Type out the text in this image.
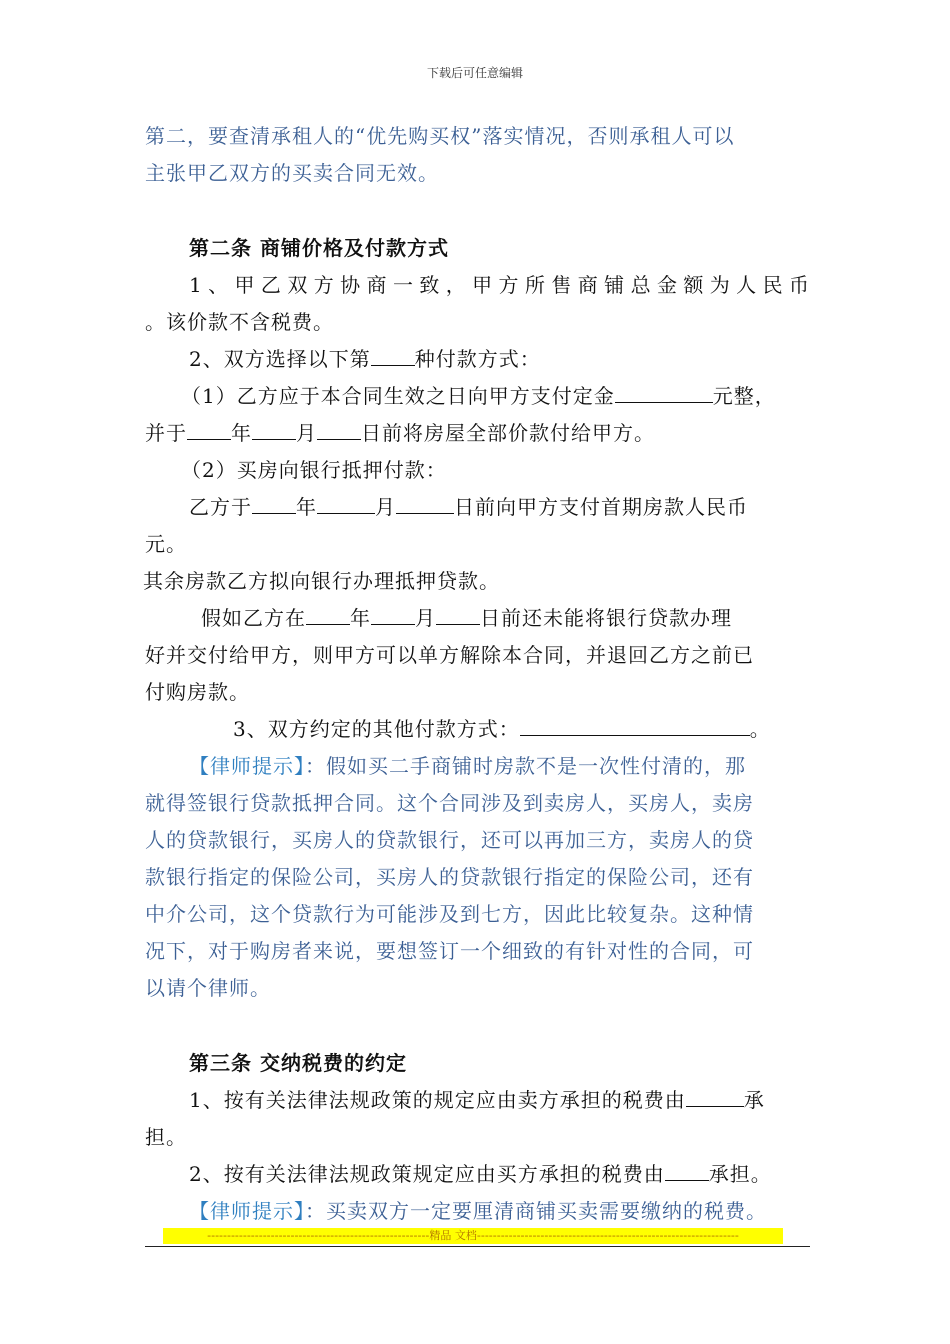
下载后可任意编辑
第二，要查清承租人的“优先购买权”落实情况，否则承租人可以
主张甲乙双方的买卖合同无效。
第二条 商铺价格及付款方式
1、甲乙双方协商一致，甲方所售商铺总金额为人民币
。该价款不含税费。
2、双方选择以下第 种付款方式：
（1）乙方应于本合同生效之日向甲方支付定金	元整，
并于 年 月 日前将房屋全部价款付给甲方。
（2）买房向银行抵押付款：
乙方于 年	月	日前向甲方支付首期房款人民币
元。
其余房款乙方拟向银行办理抵押贷款。
假如乙方在 年 月 日前还未能将银行贷款办理
好并交付给甲方，则甲方可以单方解除本合同，并退回乙方之前已
付购房款。
3、双方约定的其他付款方式：	。
【律师提示】：假如买二手商铺时房款不是一次性付清的，那
就得签银行贷款抵押合同。这个合同涉及到卖房人，买房人，卖房
人的贷款银行，买房人的贷款银行，还可以再加三方，卖房人的贷
款银行指定的保险公司，买房人的贷款银行指定的保险公司，还有
中介公司，这个贷款行为可能涉及到七方，因此比较复杂。这种情
况下，对于购房者来说，要想签订一个细致的有针对性的合同，可
以请个律师。
第三条 交纳税费的约定
1、按有关法律法规政策的规定应由卖方承担的税费由	承
担。
2、按有关法律法规政策规定应由买方承担的税费由 承担。
【律师提示】：买卖双方一定要厘清商铺买卖需要缴纳的税费。
--------------------------------------------------------精品 文档------------------------------------------------------------------
